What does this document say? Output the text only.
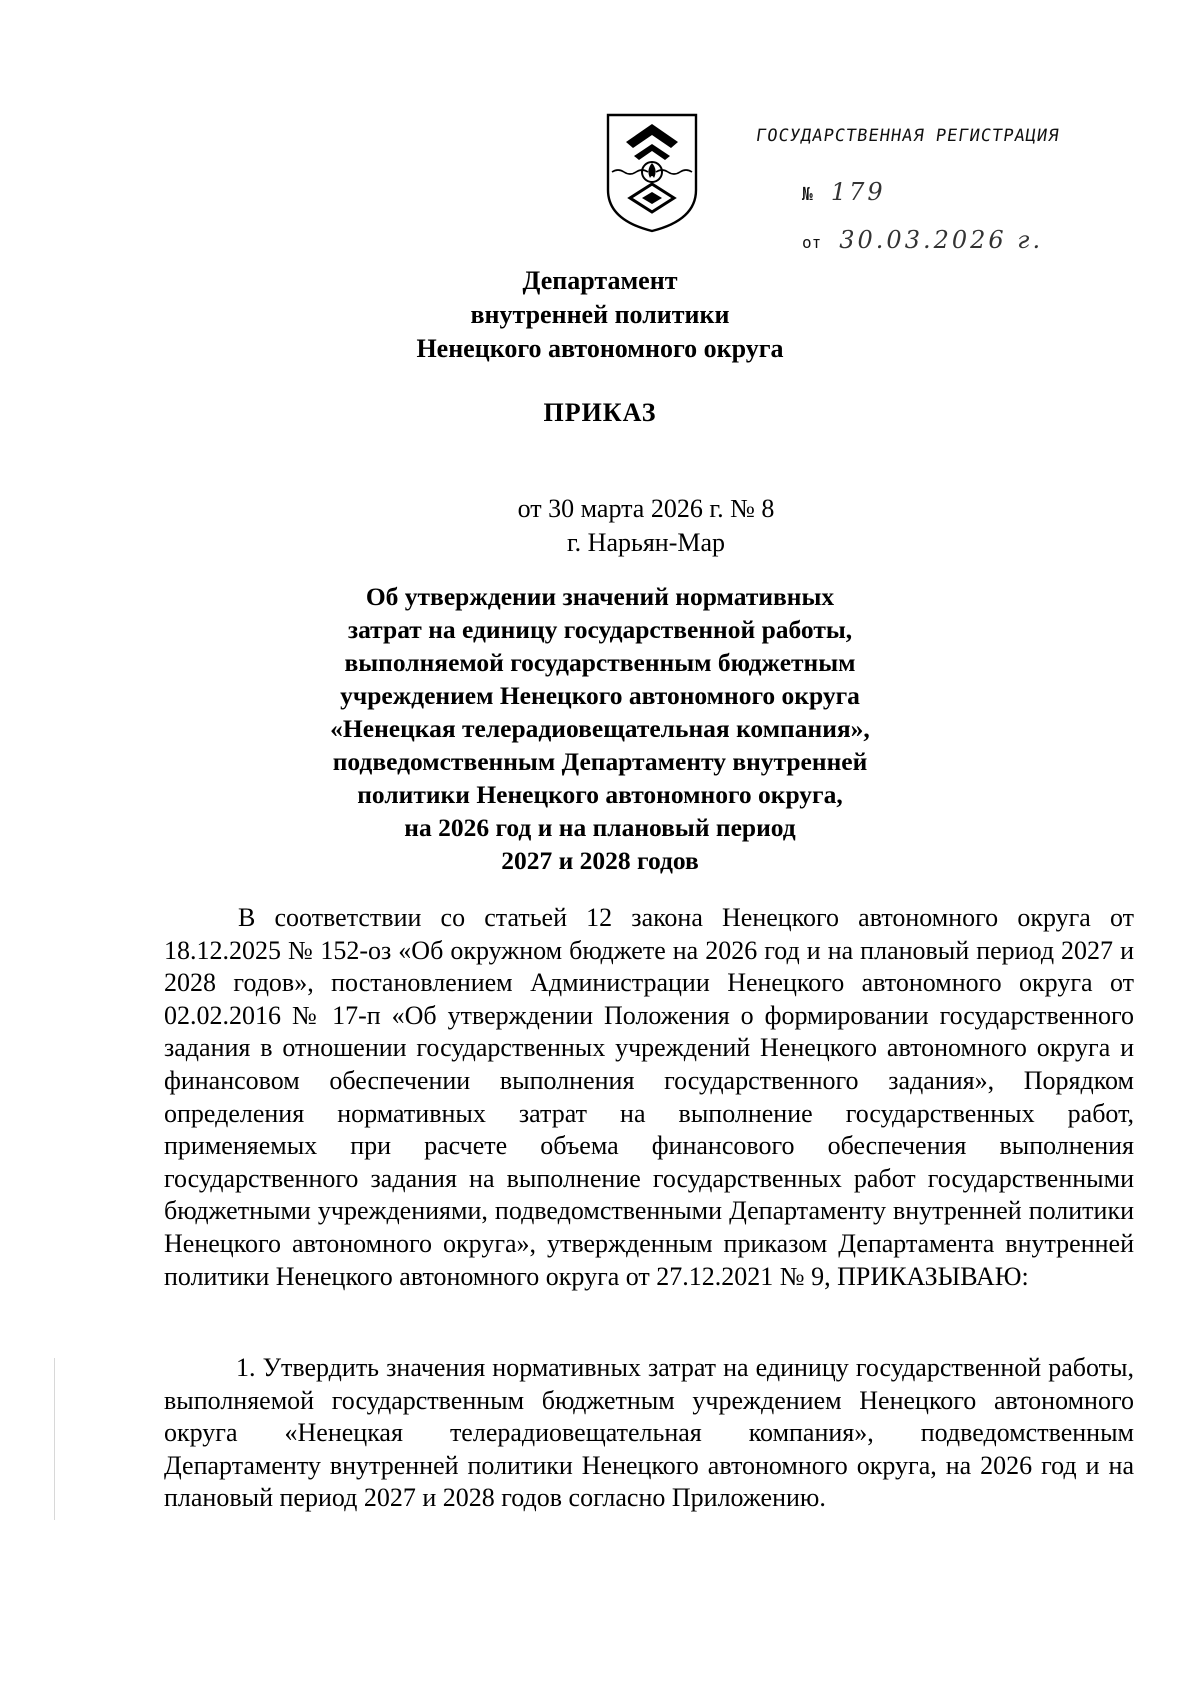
ГОСУДАРСТВЕННАЯ РЕГИСТРАЦИЯ
№ 179
от 30.03.2026 г.
Департамент
внутренней политики
Ненецкого автономного округа
ПРИКАЗ
от 30 марта 2026 г. № 8
г. Нарьян-Мар
Об утверждении значений нормативных
затрат на единицу государственной работы,
выполняемой государственным бюджетным
учреждением Ненецкого автономного округа
«Ненецкая телерадиовещательная компания»,
подведомственным Департаменту внутренней
политики Ненецкого автономного округа,
на 2026 год и на плановый период
2027 и 2028 годов
В соответствии со статьей 12 закона Ненецкого автономного округа от 18.12.2025 № 152-оз «Об окружном бюджете на 2026 год и на плановый период 2027 и 2028 годов», постановлением Администрации Ненецкого автономного округа от 02.02.2016 № 17-п «Об утверждении Положения о формировании государственного задания в отношении государственных учреждений Ненецкого автономного округа и финансовом обеспечении выполнения государственного задания», Порядком определения нормативных затрат на выполнение государственных работ, применяемых при расчете объема финансового обеспечения выполнения государственного задания на выполнение государственных работ государственными бюджетными учреждениями, подведомственными Департаменту внутренней политики Ненецкого автономного округа», утвержденным приказом Департамента внутренней политики Ненецкого автономного округа от 27.12.2021 № 9, ПРИКАЗЫВАЮ:
1. Утвердить значения нормативных затрат на единицу государственной работы, выполняемой государственным бюджетным учреждением Ненецкого автономного округа «Ненецкая телерадиовещательная компания», подведомственным Департаменту внутренней политики Ненецкого автономного округа, на 2026 год и на плановый период 2027 и 2028 годов согласно Приложению.
